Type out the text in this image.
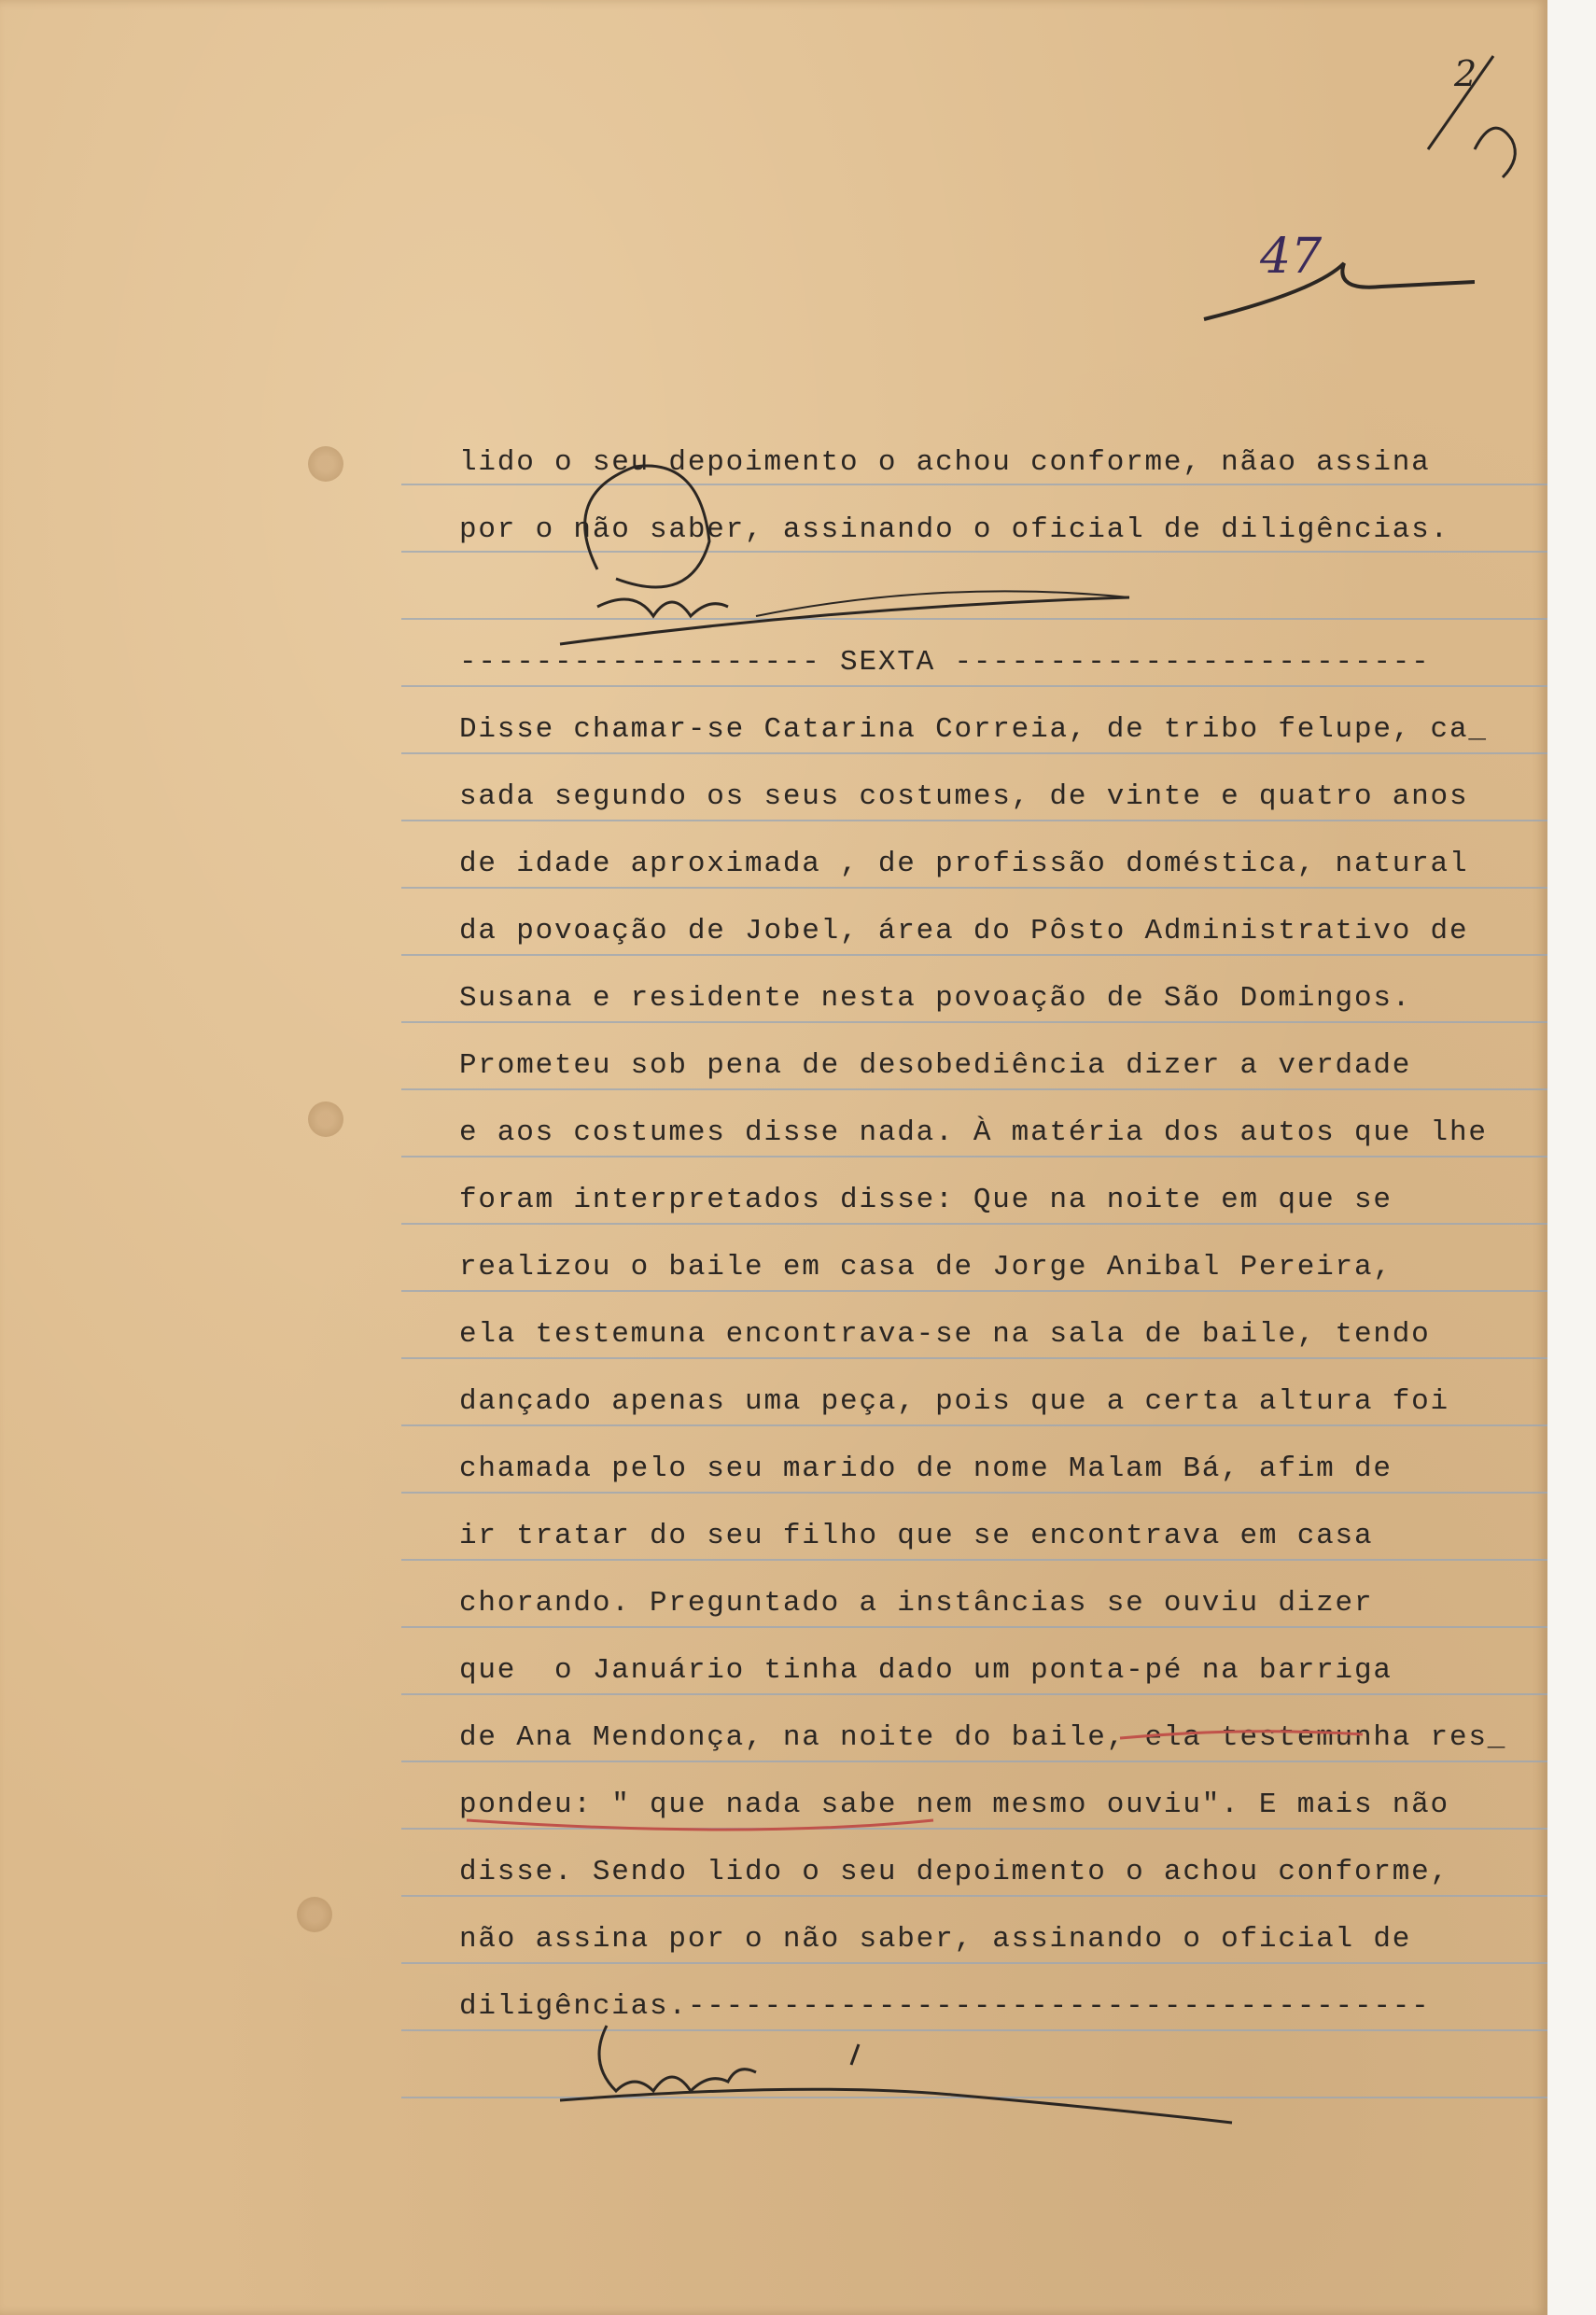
2
47
lido o seu depoimento o achou conforme, nãao assina
por o não saber, assinando o oficial de diligências.
------------------- SEXTA -------------------------
Disse chamar-se Catarina Correia, de tribo felupe, ca_
sada segundo os seus costumes, de vinte e quatro anos
de idade aproximada , de profissão doméstica, natural
da povoação de Jobel, área do Pôsto Administrativo de
Susana e residente nesta povoação de São Domingos.
Prometeu sob pena de desobediência dizer a verdade
e aos costumes disse nada. À matéria dos autos que lhe
foram interpretados disse: Que na noite em que se
realizou o baile em casa de Jorge Anibal Pereira,
ela testemuna encontrava-se na sala de baile, tendo
dançado apenas uma peça, pois que a certa altura foi
chamada pelo seu marido de nome Malam Bá, afim de
ir tratar do seu filho que se encontrava em casa
chorando. Preguntado a instâncias se ouviu dizer
que  o Januário tinha dado um ponta-pé na barriga
de Ana Mendonça, na noite do baile, ela testemunha res_
pondeu: " que nada sabe nem mesmo ouviu". E mais não
disse. Sendo lido o seu depoimento o achou conforme,
não assina por o não saber, assinando o oficial de
diligências.---------------------------------------
